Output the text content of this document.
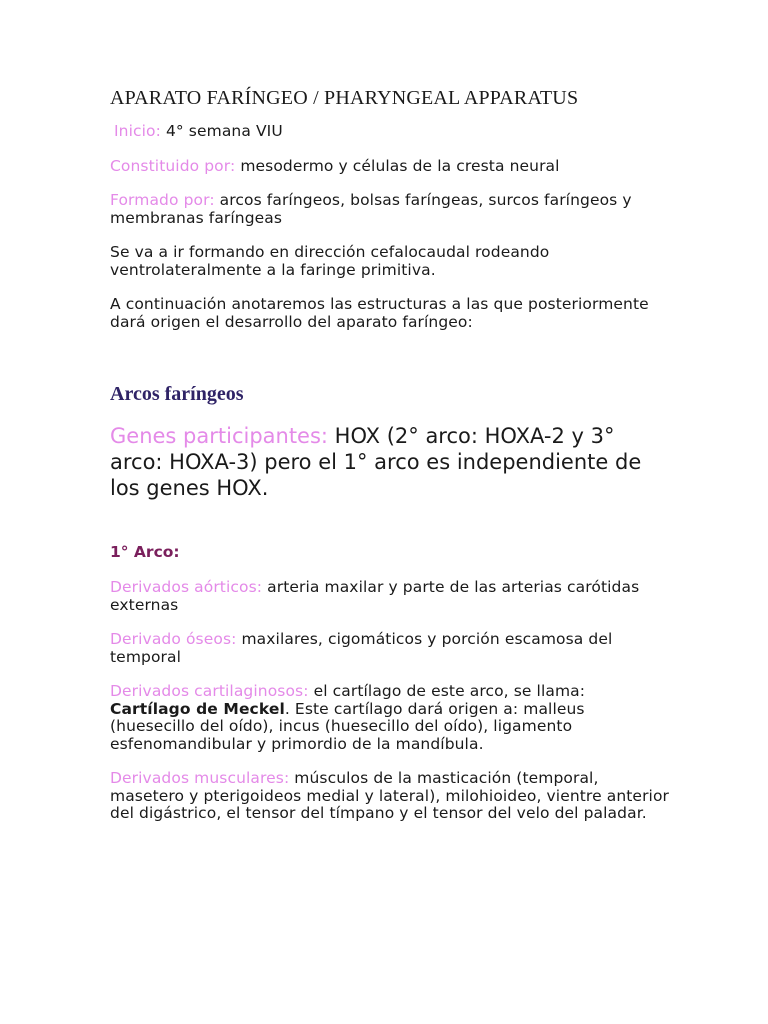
APARATO FARÍNGEO / PHARYNGEAL APPARATUS

Inicio: 4° semana VIU

Constituido por: mesodermo y células de la cresta neural

Formado por: arcos faríngeos, bolsas faríngeas, surcos faríngeos y membranas faríngeas

Se va a ir formando en dirección cefalocaudal rodeando ventrolateralmente a la faringe primitiva.

A continuación anotaremos las estructuras a las que posteriormente dará origen el desarrollo del aparato faríngeo:

Arcos faríngeos

Genes participantes: HOX (2° arco: HOXA-2 y 3° arco: HOXA-3) pero el 1° arco es independiente de los genes HOX.

1° Arco:

Derivados aórticos: arteria maxilar y parte de las arterias carótidas externas

Derivado óseos: maxilares, cigomáticos y porción escamosa del temporal

Derivados cartilaginosos: el cartílago de este arco, se llama: Cartílago de Meckel. Este cartílago dará origen a: malleus (huesecillo del oído), incus (huesecillo del oído), ligamento esfenomandibular y primordio de la mandíbula.

Derivados musculares: músculos de la masticación (temporal, masetero y pterigoideos medial y lateral), milohioideo, vientre anterior del digástrico, el tensor del tímpano y el tensor del velo del paladar.
